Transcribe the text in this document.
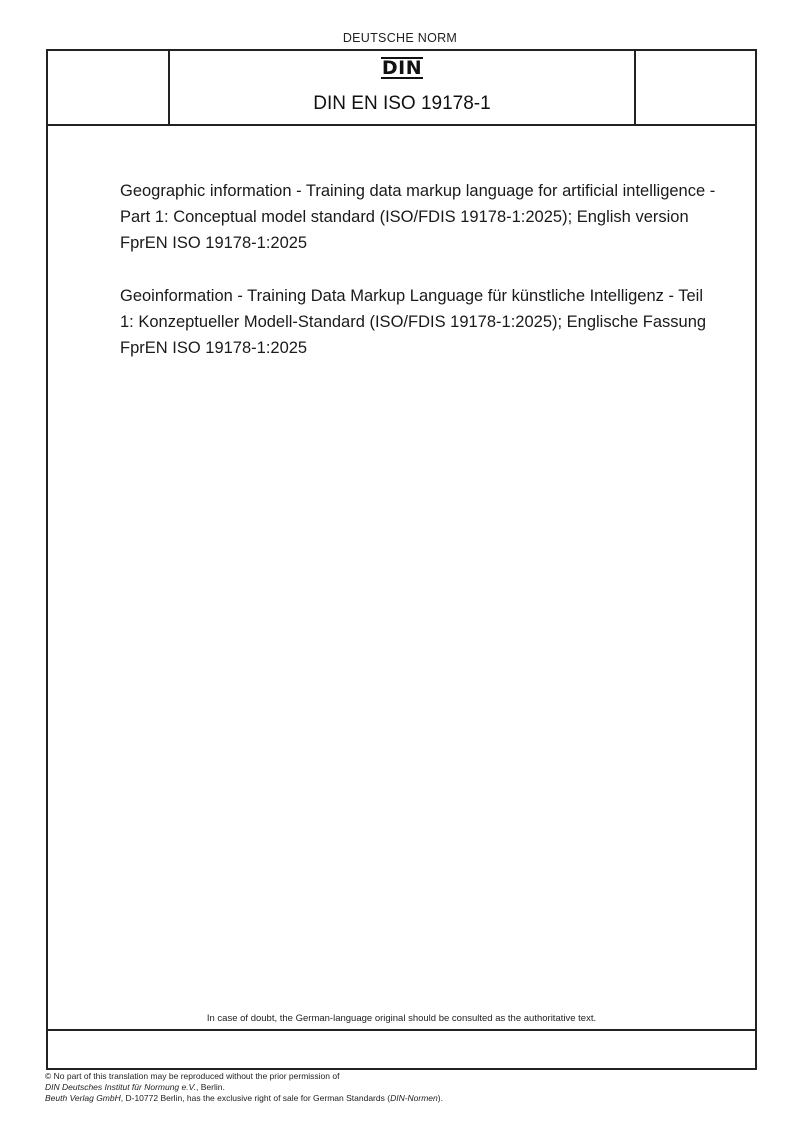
DEUTSCHE NORM
DIN
DIN EN ISO 19178-1
Geographic information - Training data markup language for artificial intelligence - Part 1: Conceptual model standard (ISO/FDIS 19178-1:2025); English version FprEN ISO 19178-1:2025
Geoinformation - Training Data Markup Language für künstliche Intelligenz - Teil 1: Konzeptueller Modell-Standard (ISO/FDIS 19178-1:2025); Englische Fassung FprEN ISO 19178-1:2025
In case of doubt, the German-language original should be consulted as the authoritative text.
© No part of this translation may be reproduced without the prior permission of
DIN Deutsches Institut für Normung e.V., Berlin.
Beuth Verlag GmbH, D-10772 Berlin, has the exclusive right of sale for German Standards (DIN-Normen).
